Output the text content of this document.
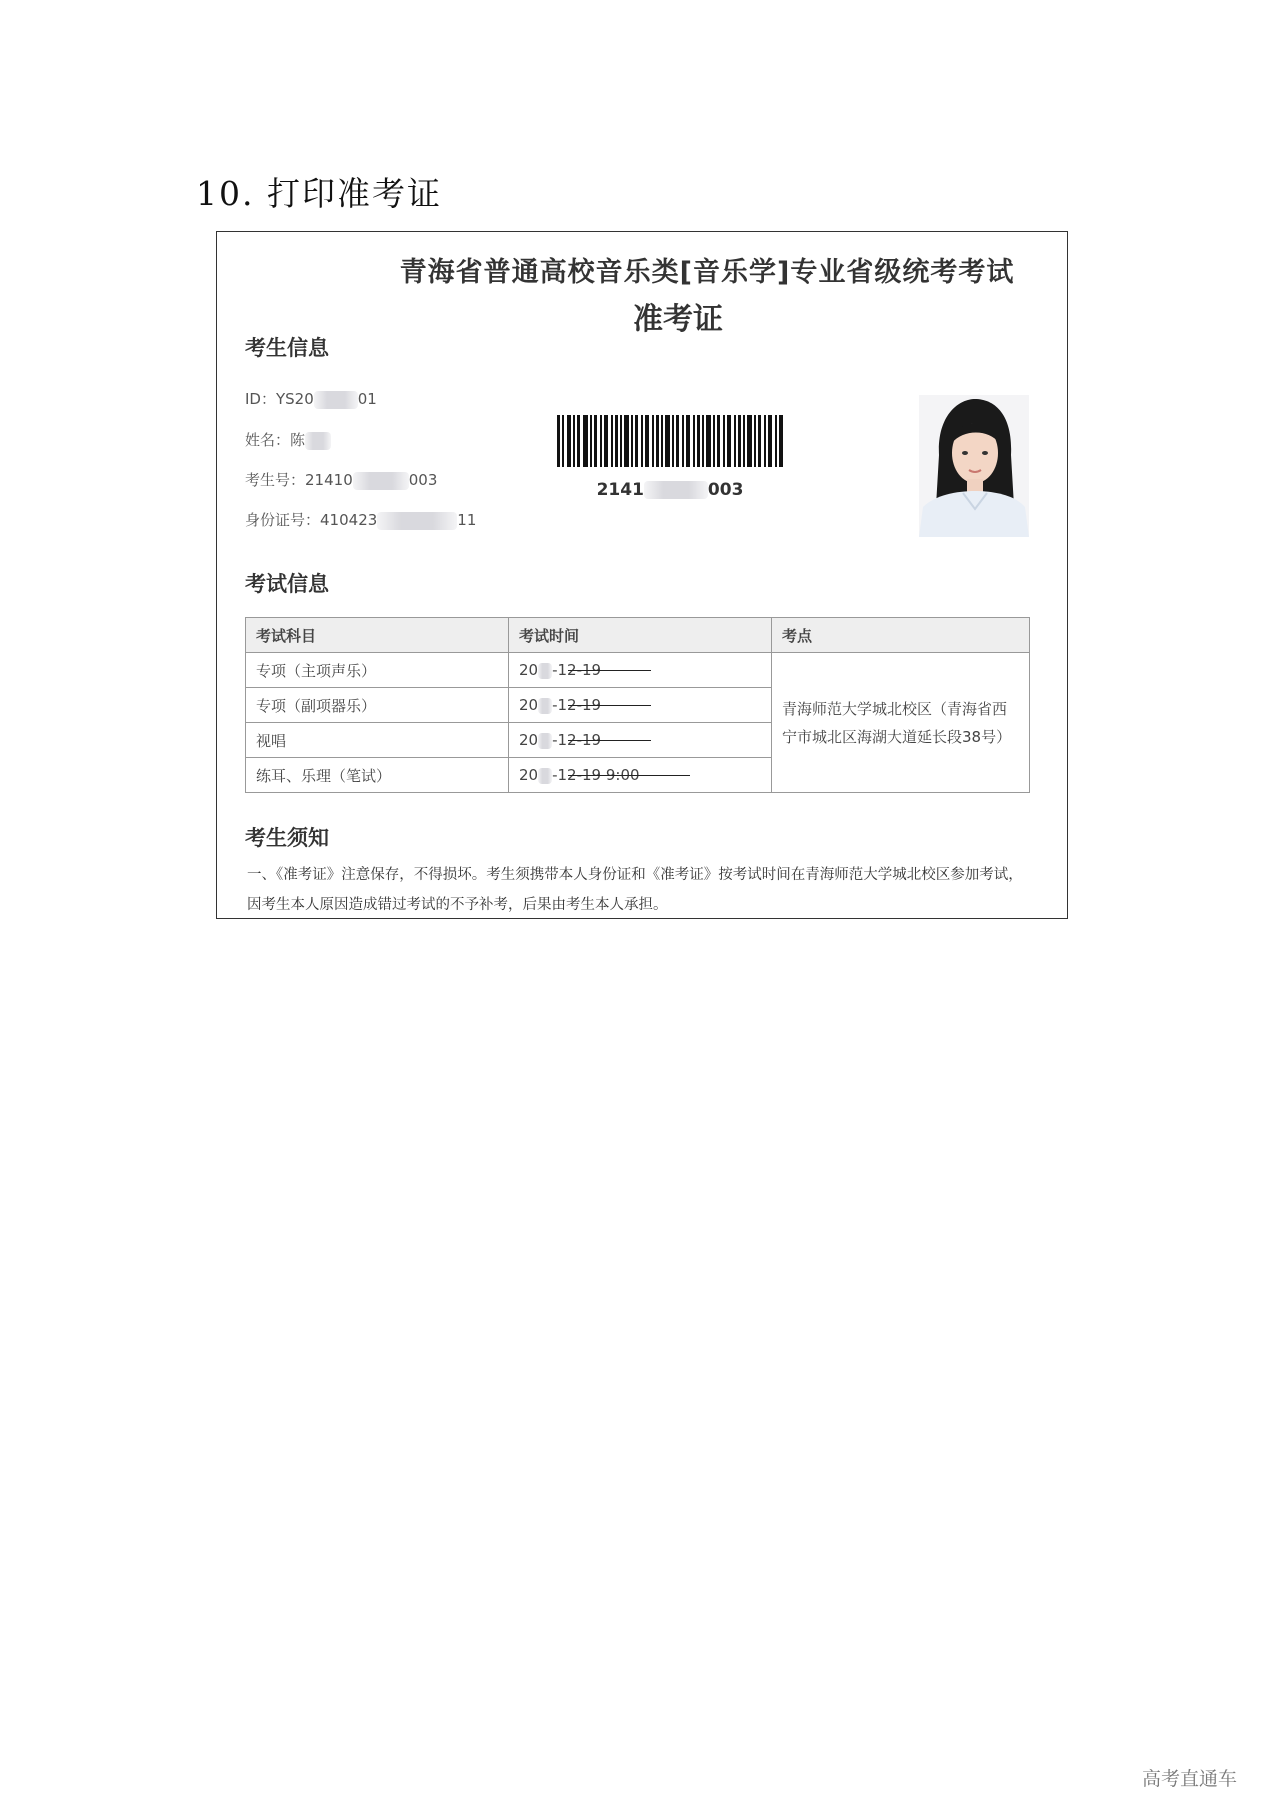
10. 打印准考证
青海省普通高校音乐类[音乐学]专业省级统考考试
准考证
考生信息
ID：YS20	01
姓名：陈
考生号：21410	003
身份证号：410423	11
2141	003
考试信息
考试科目	考试时间	考点
专项（主项声乐）	20 -12-19	青海师范大学城北校区（青海省西宁市城北区海湖大道延长段38号）
专项（副项器乐）	20 -12-19	
视唱	20 -12-19	
练耳、乐理（笔试）	20 -12-19 9:00	
考生须知
一、《准考证》注意保存，不得损坏。考生须携带本人身份证和《准考证》按考试时间在青海师范大学城北校区参加考试，因考生本人原因造成错过考试的不予补考，后果由考生本人承担。
高考直通车
